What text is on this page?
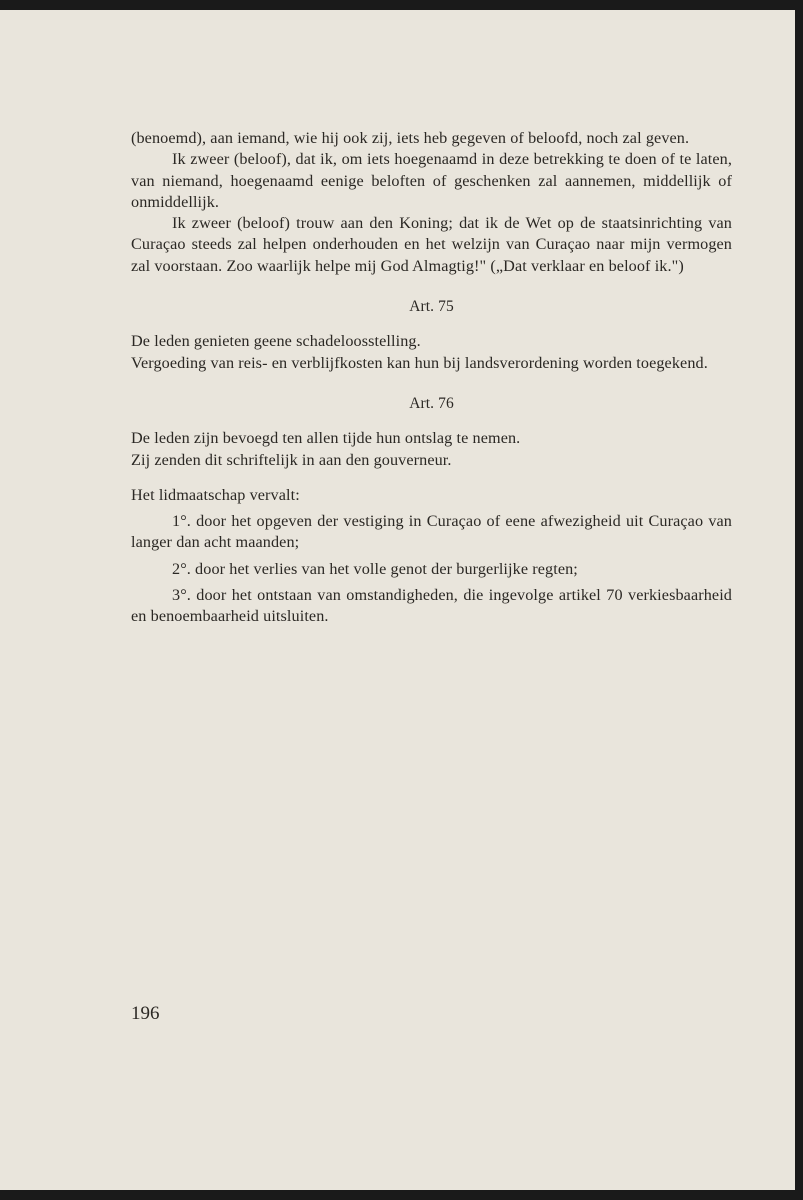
(benoemd), aan iemand, wie hij ook zij, iets heb gegeven of beloofd, noch zal geven.

Ik zweer (beloof), dat ik, om iets hoegenaamd in deze betrekking te doen of te laten, van niemand, hoegenaamd eenige beloften of geschenken zal aannemen, middellijk of onmiddellijk.

Ik zweer (beloof) trouw aan den Koning; dat ik de Wet op de staatsinrichting van Curaçao steeds zal helpen onderhouden en het welzijn van Curaçao naar mijn vermogen zal voorstaan. Zoo waarlijk helpe mij God Almagtig!" („Dat verklaar en beloof ik.")

Art. 75

De leden genieten geene schadeloosstelling.

Vergoeding van reis- en verblijfkosten kan hun bij landsverordening worden toegekend.

Art. 76

De leden zijn bevoegd ten allen tijde hun ontslag te nemen.

Zij zenden dit schriftelijk in aan den gouverneur.

Het lidmaatschap vervalt:

1°. door het opgeven der vestiging in Curaçao of eene afwezigheid uit Curaçao van langer dan acht maanden;

2°. door het verlies van het volle genot der burgerlijke regten;

3°. door het ontstaan van omstandigheden, die ingevolge artikel 70 verkiesbaarheid en benoembaarheid uitsluiten.

196
